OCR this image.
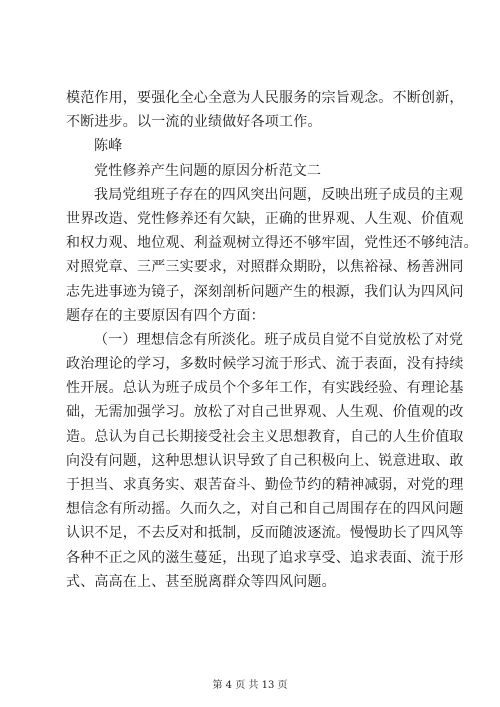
模范作用，要强化全心全意为人民服务的宗旨观念。不断创新，
不断进步。以一流的业绩做好各项工作。
陈峰
党性修养产生问题的原因分析范文二
我局党组班子存在的四风突出问题，反映出班子成员的主观
世界改造、党性修养还有欠缺，正确的世界观、人生观、价值观
和权力观、地位观、利益观树立得还不够牢固，党性还不够纯洁。
对照党章、三严三实要求，对照群众期盼，以焦裕禄、杨善洲同
志先进事迹为镜子，深刻剖析问题产生的根源，我们认为四风问
题存在的主要原因有四个方面：
（一）理想信念有所淡化。班子成员自觉不自觉放松了对党
政治理论的学习，多数时候学习流于形式、流于表面，没有持续
性开展。总认为班子成员个个多年工作，有实践经验、有理论基
础，无需加强学习。放松了对自己世界观、人生观、价值观的改
造。总认为自己长期接受社会主义思想教育，自己的人生价值取
向没有问题，这种思想认识导致了自己积极向上、锐意进取、敢
于担当、求真务实、艰苦奋斗、勤俭节约的精神减弱，对党的理
想信念有所动摇。久而久之，对自己和自己周围存在的四风问题
认识不足，不去反对和抵制，反而随波逐流。慢慢助长了四风等
各种不正之风的滋生蔓延，出现了追求享受、追求表面、流于形
式、高高在上、甚至脱离群众等四风问题。
第 4 页 共 13 页
